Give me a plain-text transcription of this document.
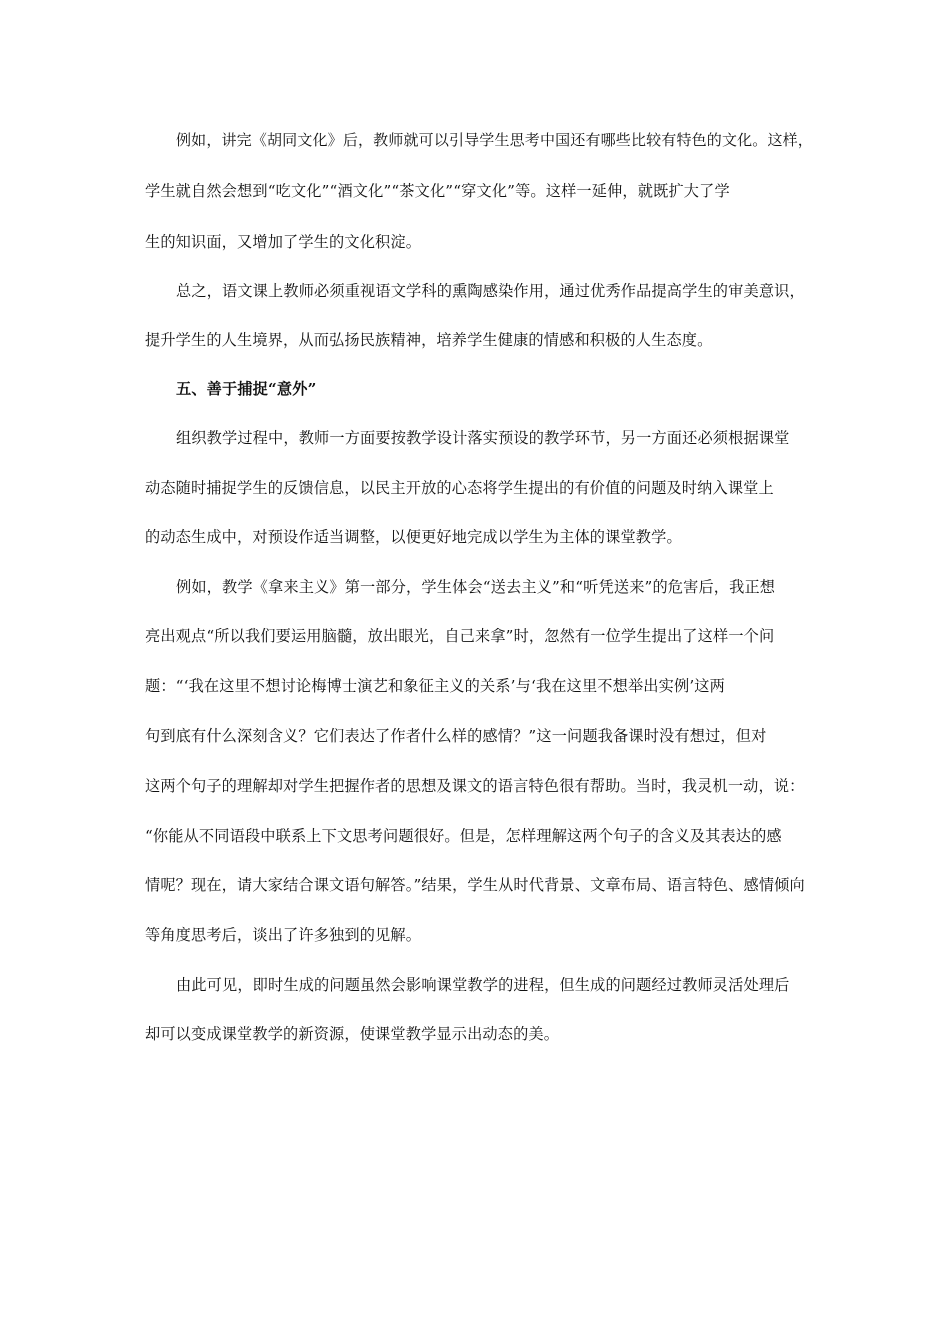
例如，讲完《胡同文化》后，教师就可以引导学生思考中国还有哪些比较有特色的文化。这样，
学生就自然会想到“吃文化”“酒文化”“茶文化”“穿文化”等。这样一延伸，就既扩大了学
生的知识面，又增加了学生的文化积淀。
总之，语文课上教师必须重视语文学科的熏陶感染作用，通过优秀作品提高学生的审美意识，
提升学生的人生境界，从而弘扬民族精神，培养学生健康的情感和积极的人生态度。
五、善于捕捉“意外”
组织教学过程中，教师一方面要按教学设计落实预设的教学环节，另一方面还必须根据课堂
动态随时捕捉学生的反馈信息，以民主开放的心态将学生提出的有价值的问题及时纳入课堂上
的动态生成中，对预设作适当调整，以便更好地完成以学生为主体的课堂教学。
例如，教学《拿来主义》第一部分，学生体会“送去主义”和“听凭送来”的危害后，我正想
亮出观点“所以我们要运用脑髓，放出眼光，自己来拿”时，忽然有一位学生提出了这样一个问
题：“‘我在这里不想讨论梅博士演艺和象征主义的关系’与‘我在这里不想举出实例’这两
句到底有什么深刻含义？它们表达了作者什么样的感情？”这一问题我备课时没有想过，但对
这两个句子的理解却对学生把握作者的思想及课文的语言特色很有帮助。当时，我灵机一动，说：
“你能从不同语段中联系上下文思考问题很好。但是，怎样理解这两个句子的含义及其表达的感
情呢？现在，请大家结合课文语句解答。”结果，学生从时代背景、文章布局、语言特色、感情倾向
等角度思考后，谈出了许多独到的见解。
由此可见，即时生成的问题虽然会影响课堂教学的进程，但生成的问题经过教师灵活处理后
却可以变成课堂教学的新资源，使课堂教学显示出动态的美。
